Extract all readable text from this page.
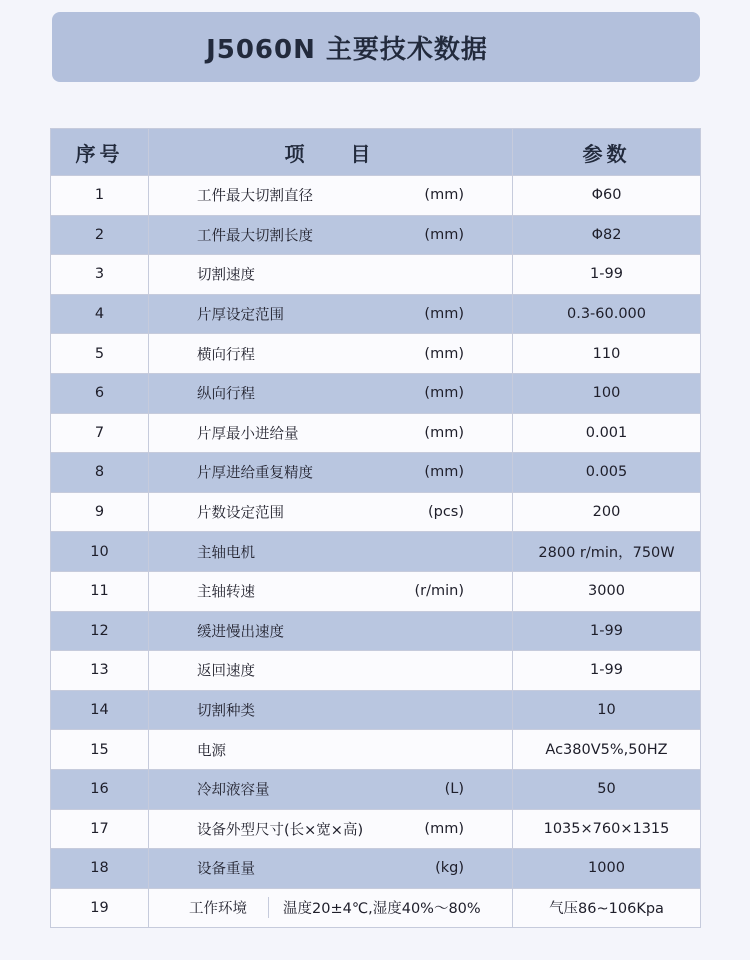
J5060N 主要技术数据
序号	项目	参数
1	工件最大切割直径 (mm)	Φ60
2	工件最大切割长度 (mm)	Φ82
3	切割速度	1-99
4	片厚设定范围 (mm)	0.3-60.000
5	横向行程 (mm)	110
6	纵向行程 (mm)	100
7	片厚最小进给量 (mm)	0.001
8	片厚进给重复精度 (mm)	0.005
9	片数设定范围 (pcs)	200
10	主轴电机	2800 r/min，750W
11	主轴转速 (r/min)	3000
12	缓进慢出速度	1-99
13	返回速度	1-99
14	切割种类	10
15	电源	Ac380V5%,50HZ
16	冷却液容量 (L)	50
17	设备外型尺寸(长×宽×高) (mm)	1035×760×1315
18	设备重量 (kg)	1000
19	工作环境 温度20±4℃,湿度40%～80%	气压86~106Kpa
